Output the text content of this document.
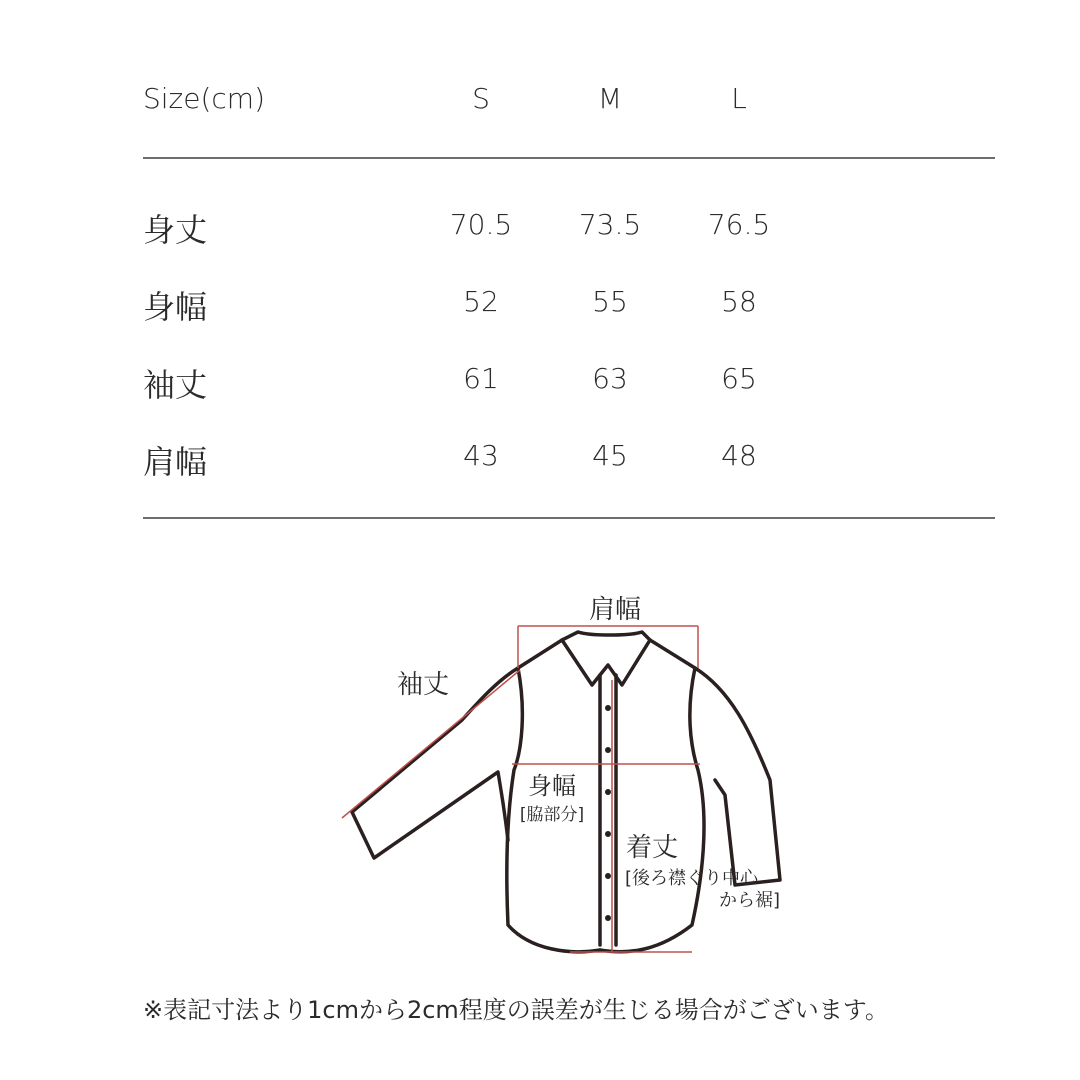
Size(cm)	S	M	L
身丈	70.5	73.5	76.5
身幅	52	55	58
袖丈	61	63	65
肩幅	43	45	48
肩幅
袖丈
身幅
[脇部分]
着丈
[後ろ襟ぐり中心
から裾]
※表記寸法より1cmから2cm程度の誤差が生じる場合がございます。
